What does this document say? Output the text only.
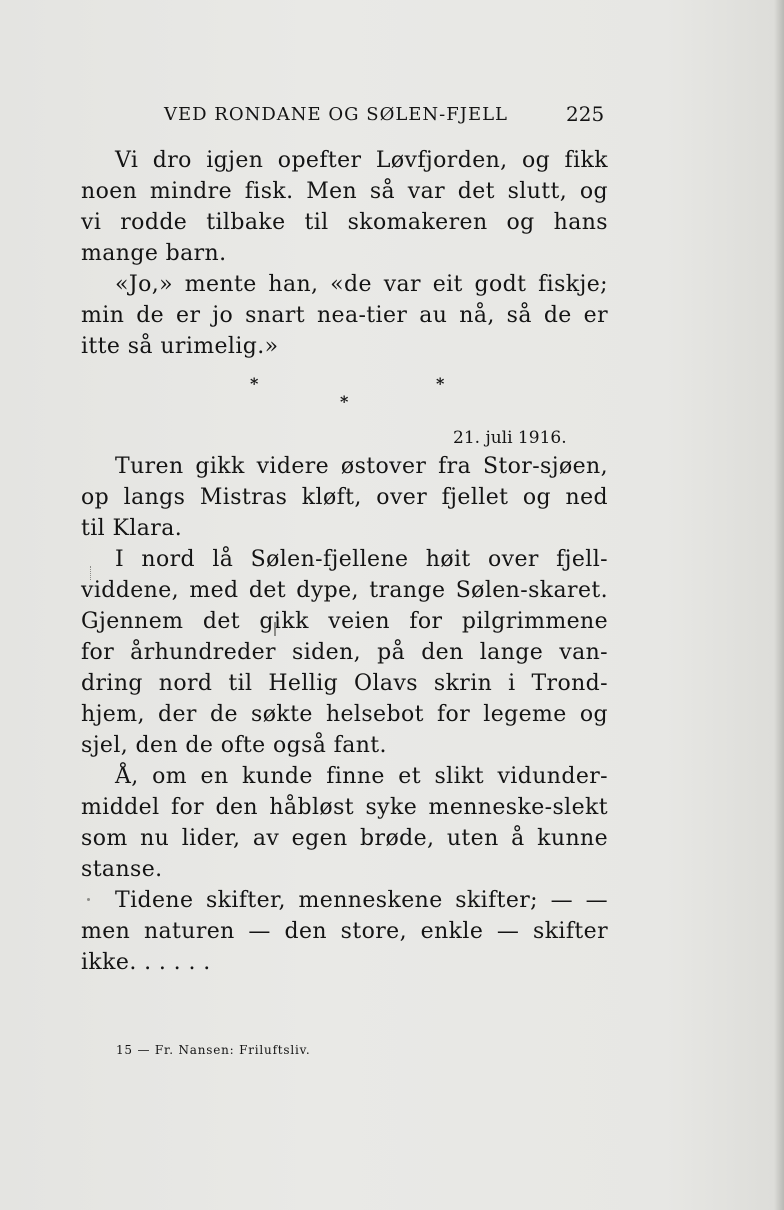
VED RONDANE OG SØLEN-FJELL	225
Vi dro igjen opefter Løvfjorden, og fikk
noen mindre fisk. Men så var det slutt, og
vi rodde tilbake til skomakeren og hans
mange barn.
«Jo,» mente han, «de var eit godt fiskje;
min de er jo snart nea-tier au nå, så de er
itte så urimelig.»
*	*
*
21. juli 1916.
Turen gikk videre østover fra Stor-sjøen,
op langs Mistras kløft, over fjellet og ned
til Klara.
I nord lå Sølen-fjellene høit over fjell-
viddene, med det dype, trange Sølen-skaret.
Gjennem det gikk veien for pilgrimmene
for århundreder siden, på den lange van-
dring nord til Hellig Olavs skrin i Trond-
hjem, der de søkte helsebot for legeme og
sjel, den de ofte også fant.
Å, om en kunde finne et slikt vidunder-
middel for den håbløst syke menneske-slekt
som nu lider, av egen brøde, uten å kunne
stanse.
Tidene skifter, menneskene skifter; — —
men naturen — den store, enkle — skifter
ikke. . . . . .
15 — Fr. Nansen: Friluftsliv.
